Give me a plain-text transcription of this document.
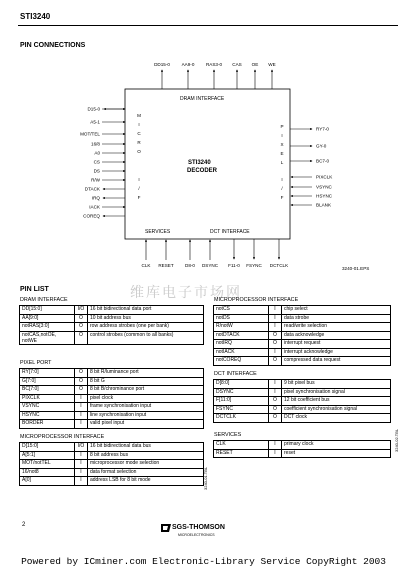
STI3240
PIN CONNECTIONS
DD15-0	AA9-0	RAS3-0 CAS OE WE
D15-0
A5-1
MOT/TEL
16/8
A0
CS
DS
R/W
DTACK
IRQ
IACK
COREQ
M
I
C
R
O
I
/
F
P
I
X
E
L
I
/
F
RY7-0
GY-0
BC7-0
PIXCLK
VSYNC
HSYNC
BLANK
CLK RESET D8-0 DSYNC F11-0 FSYNC DCTCLK
DRAM INTERFACE
STI3240
DECODER
SERVICES	DCT INTERFACE
3240-01.EPS
维库电子市场网
PIN LIST
DRAM INTERFACE
DD[15:0]	I/O	16 bit bidirectional data port
AA[9:0]	O	10 bit address bus
notRAS[3:0]	O	row address strobes (one per bank)
notCAS,notOE, notWE	O	control strobes (common to all banks)
PIXEL PORT
RY[7:0]	O	8 bit R/luminance port
G[7:0]	O	8 bit G
BC[7:0]	O	8 bit B/chrominance port
PIXCLK	I	pixel clock
VSYNC	I	frame synchronisation input
HSYNC	I	line synchronisation input
BORDER	I	valid pixel input
MICROPROCESSOR INTERFACE
D[15:0]	I/O	16 bit bidirectional data bus
A[5:1]	I	8 bit address bus
MOT/notTEL	I	microprocessor mode selection
16/not8	I	data format selection
A[0]	I	address LSB for 8 bit mode
MICROPROCESSOR INTERFACE
notCS	I	chip select
notDS	I	data strobe
R/notW	I	read/write selection
notDTACK	O	data acknowledge
notIRQ	O	interrupt request
notIACK	I	interrupt acknowledge
notCOREQ	O	compressed data request
DCT INTERFACE
D[8:0]	I	9 bit pixel bus
DSYNC	I	pixel synchronisation signal
F[11:0]	O	12 bit coefficient bus
FSYNC	O	coefficient synchronisation signal
DCTCLK	O	DCT clock
SERVICES
CLK	I	primary clock
RESET	I	reset
3240-01.TBL
3240-02.TBL
2	SGS-THOMSON
MICROELECTRONICS
Powered by ICminer.com Electronic-Library Service CopyRight 2003
